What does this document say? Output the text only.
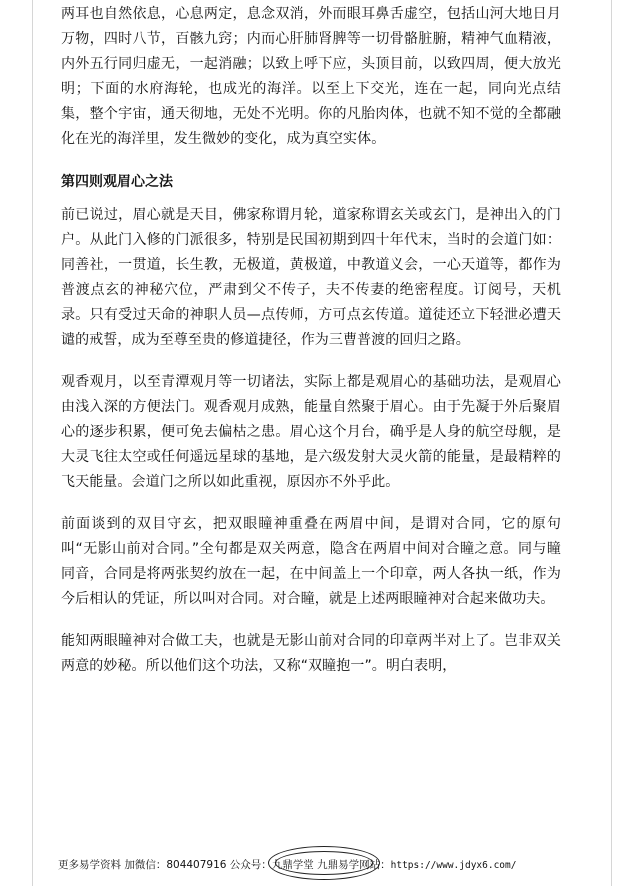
两耳也自然依息，心息两定，息念双消，外而眼耳鼻舌虚空，包括山河大地日月万物，四时八节，百骸九窍；内而心肝肺肾脾等一切骨骼脏腑，精神气血精液，内外五行同归虚无，一起消融；以致上呼下应，头顶目前，以致四周，便大放光明；下面的水府海轮，也成光的海洋。以至上下交光，连在一起，同向光点结集，整个宇宙，通天彻地，无处不光明。你的凡胎肉体，也就不知不觉的全都融化在光的海洋里，发生微妙的变化，成为真空实体。

第四则观眉心之法

前已说过，眉心就是天目，佛家称谓月轮，道家称谓玄关或玄门，是神出入的门户。从此门入修的门派很多，特别是民国初期到四十年代末，当时的会道门如：同善社，一贯道，长生教，无极道，黄极道，中教道义会，一心天道等，都作为普渡点玄的神秘穴位，严肃到父不传子，夫不传妻的绝密程度。订阅号，天机录。只有受过天命的神职人员—点传师，方可点玄传道。道徒还立下轻泄必遭天谴的戒誓，成为至尊至贵的修道捷径，作为三曹普渡的回归之路。

观香观月，以至青潭观月等一切诸法，实际上都是观眉心的基础功法，是观眉心由浅入深的方便法门。观香观月成熟，能量自然聚于眉心。由于先凝于外后聚眉心的逐步积累，便可免去偏枯之患。眉心这个月台，确乎是人身的航空母舰，是大灵飞往太空或任何遥远星球的基地，是六级发射大灵火箭的能量，是最精粹的飞天能量。会道门之所以如此重视，原因亦不外乎此。

前面谈到的双目守玄，把双眼瞳神重叠在两眉中间，是谓对合同，它的原句叫“无影山前对合同。”全句都是双关两意，隐含在两眉中间对合瞳之意。同与瞳同音，合同是将两张契约放在一起，在中间盖上一个印章，两人各执一纸，作为今后相认的凭证，所以叫对合同。对合瞳，就是上述两眼瞳神对合起来做功夫。

能知两眼瞳神对合做工夫，也就是无影山前对合同的印章两半对上了。岂非双关两意的妙秘。所以他们这个功法，又称“双瞳抱一”。明白表明，

更多易学资料 加微信：804407916 公众号：九鼎学堂 九鼎易学网站：https://www.jdyx6.com/
